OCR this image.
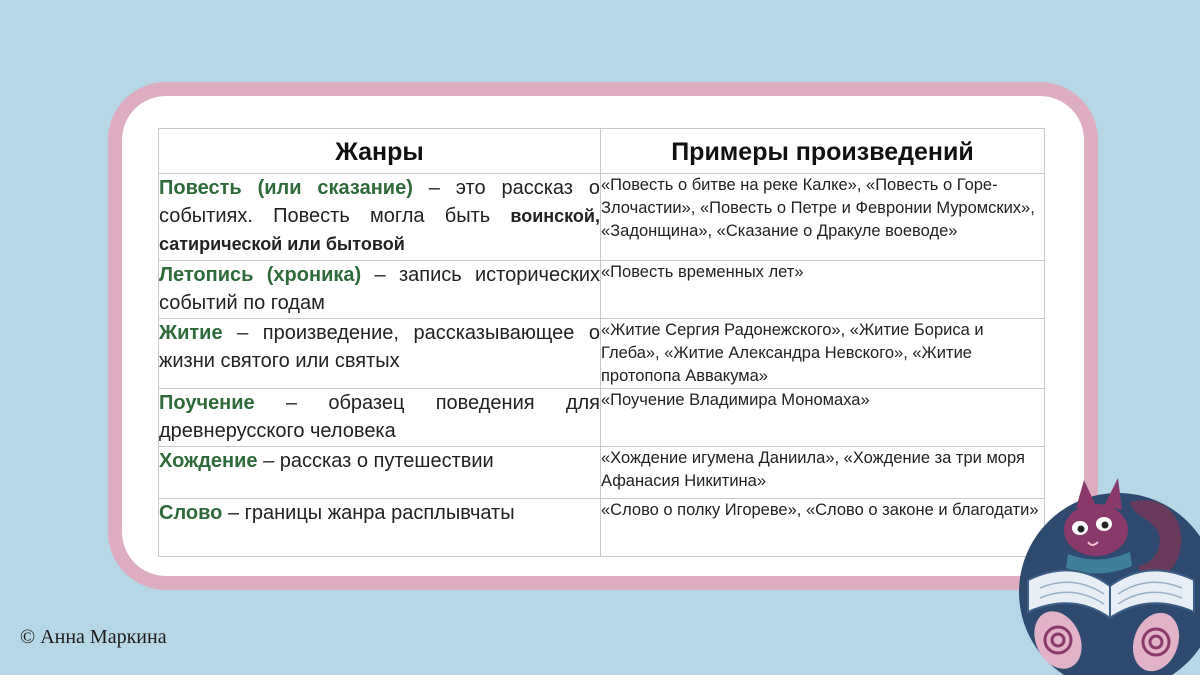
Жанры	Примеры произведений
Повесть (или сказание) – это рассказ о событиях. Повесть могла быть воинской, сатирической или бытовой	«Повесть о битве на реке Калке», «Повесть о Горе-Злочастии», «Повесть о Петре и Февронии Муромских», «Задонщина», «Сказание о Дракуле воеводе»
Летопись (хроника) – запись исторических событий по годам	«Повесть временных лет»
Житие – произведение, рассказывающее о жизни святого или святых	«Житие Сергия Радонежского», «Житие Бориса и Глеба», «Житие Александра Невского», «Житие протопопа Аввакума»
Поучение – образец поведения для древнерусского человека	«Поучение Владимира Мономаха»
Хождение – рассказ о путешествии	«Хождение игумена Даниила», «Хождение за три моря Афанасия Никитина»
Слово – границы жанра расплывчаты	«Слово о полку Игореве», «Слово о законе и благодати»
© Анна Маркина
